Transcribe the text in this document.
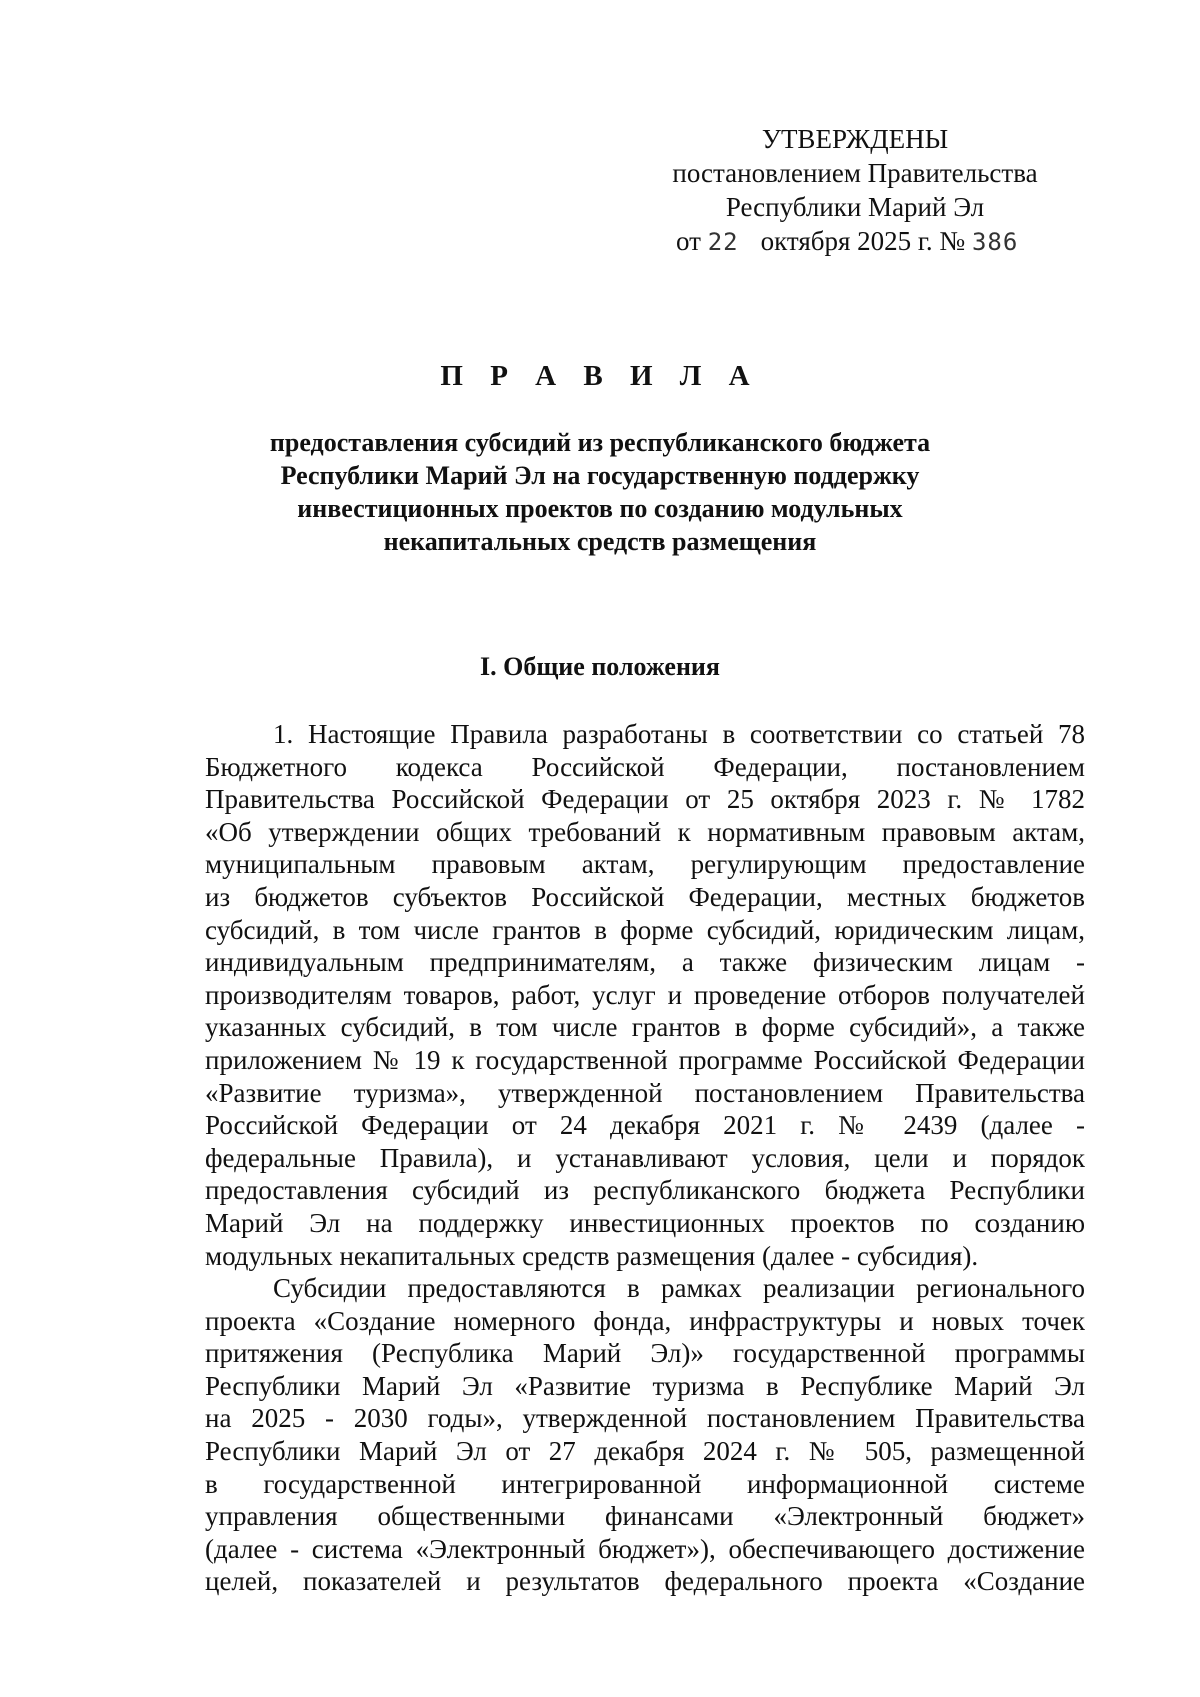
УТВЕРЖДЕНЫ
постановлением Правительства
Республики Марий Эл
от 22 октября 2025 г. № 386
П Р А В И Л А
предоставления субсидий из республиканского бюджета
Республики Марий Эл на государственную поддержку
инвестиционных проектов по созданию модульных
некапитальных средств размещения
I. Общие положения
1. Настоящие Правила разработаны в соответствии со статьей 78
Бюджетного кодекса Российской Федерации, постановлением
Правительства Российской Федерации от 25 октября 2023 г. № 1782
«Об утверждении общих требований к нормативным правовым актам,
муниципальным правовым актам, регулирующим предоставление
из бюджетов субъектов Российской Федерации, местных бюджетов
субсидий, в том числе грантов в форме субсидий, юридическим лицам,
индивидуальным предпринимателям, а также физическим лицам -
производителям товаров, работ, услуг и проведение отборов получателей
указанных субсидий, в том числе грантов в форме субсидий», а также
приложением № 19 к государственной программе Российской Федерации
«Развитие туризма», утвержденной постановлением Правительства
Российской Федерации от 24 декабря 2021 г. № 2439 (далее -
федеральные Правила), и устанавливают условия, цели и порядок
предоставления субсидий из республиканского бюджета Республики
Марий Эл на поддержку инвестиционных проектов по созданию
модульных некапитальных средств размещения (далее - субсидия).
Субсидии предоставляются в рамках реализации регионального
проекта «Создание номерного фонда, инфраструктуры и новых точек
притяжения (Республика Марий Эл)» государственной программы
Республики Марий Эл «Развитие туризма в Республике Марий Эл
на 2025 - 2030 годы», утвержденной постановлением Правительства
Республики Марий Эл от 27 декабря 2024 г. № 505, размещенной
в государственной интегрированной информационной системе
управления общественными финансами «Электронный бюджет»
(далее - система «Электронный бюджет»), обеспечивающего достижение
целей, показателей и результатов федерального проекта «Создание
